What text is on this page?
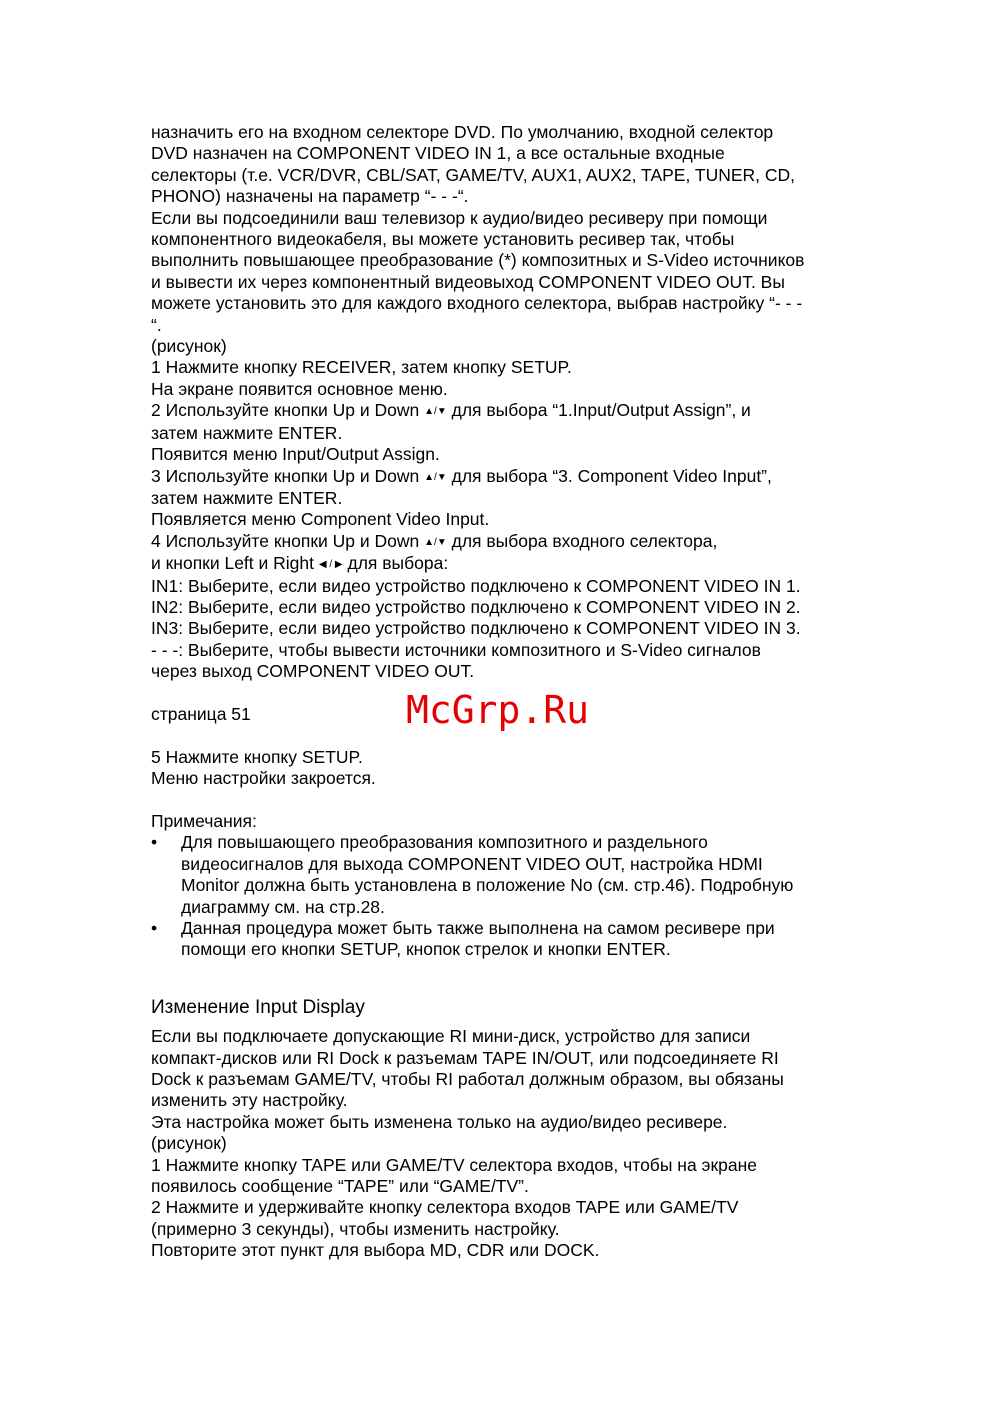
назначить его на входном селекторе DVD. По умолчанию, входной селектор
DVD назначен на COMPONENT VIDEO IN 1, а все остальные входные
селекторы (т.е. VCR/DVR, CBL/SAT, GAME/TV, AUX1, AUX2, TAPE, TUNER, CD,
PHONO) назначены на параметр “- - -“.
Если вы подсоединили ваш телевизор к аудио/видео ресиверу при помощи
компонентного видеокабеля, вы можете установить ресивер так, чтобы
выполнить повышающее преобразование (*) композитных и S-Video источников
и вывести их через компонентный видеовыход COMPONENT VIDEO OUT. Вы
можете установить это для каждого входного селектора, выбрав настройку “- - -
“.
(рисунок)
1 Нажмите кнопку RECEIVER, затем кнопку SETUP.
На экране появится основное меню.
2 Используйте кнопки Up и Down ▲/▼ для выбора “1.Input/Output Assign”, и
затем нажмите ENTER.
Появится меню Input/Output Assign.
3 Используйте кнопки Up и Down ▲/▼ для выбора “3. Component Video Input”,
затем нажмите ENTER.
Появляется меню Component Video Input.
4 Используйте кнопки Up и Down ▲/▼ для выбора входного селектора,
и кнопки Left и Right ◀ / ▶ для выбора:
IN1: Выберите, если видео устройство подключено к COMPONENT VIDEO IN 1.
IN2: Выберите, если видео устройство подключено к COMPONENT VIDEO IN 2.
IN3: Выберите, если видео устройство подключено к COMPONENT VIDEO IN 3.
- - -: Выберите, чтобы вывести источники композитного и S-Video сигналов
через выход COMPONENT VIDEO OUT.
страница 51
5 Нажмите кнопку SETUP.
Меню настройки закроется.
Примечания:
• Для повышающего преобразования композитного и раздельного
видеосигналов для выхода COMPONENT VIDEO OUT, настройка HDMI
Monitor должна быть установлена в положение No (см. стр.46). Подробную
диаграмму см. на стр.28.
• Данная процедура может быть также выполнена на самом ресивере при
помощи его кнопки SETUP, кнопок стрелок и кнопки ENTER.
Изменение Input Display
Если вы подключаете допускающие RI мини-диск, устройство для записи
компакт-дисков или RI Dock к разъемам TAPE IN/OUT, или подсоединяете RI
Dock к разъемам GAME/TV, чтобы RI работал должным образом, вы обязаны
изменить эту настройку.
Эта настройка может быть изменена только на аудио/видео ресивере.
(рисунок)
1 Нажмите кнопку TAPE или GAME/TV селектора входов, чтобы на экране
появилось сообщение “TAPE” или “GAME/TV”.
2 Нажмите и удерживайте кнопку селектора входов TAPE или GAME/TV
(примерно 3 секунды), чтобы изменить настройку.
Повторите этот пункт для выбора MD, CDR или DOCK.
McGrp.Ru
